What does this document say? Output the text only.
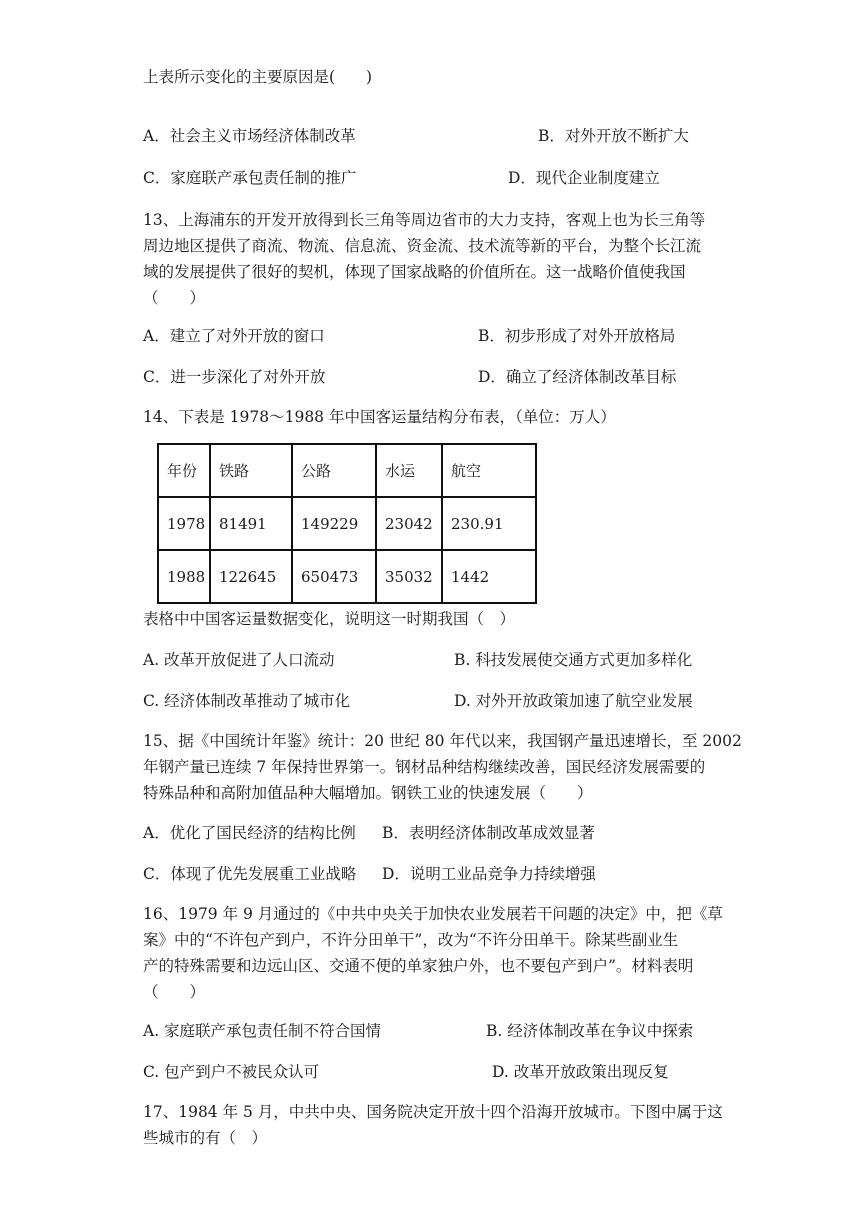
上表所示变化的主要原因是(　　)
A．社会主义市场经济体制改革	B．对外开放不断扩大
C．家庭联产承包责任制的推广	D．现代企业制度建立
13、上海浦东的开发开放得到长三角等周边省市的大力支持，客观上也为长三角等
周边地区提供了商流、物流、信息流、资金流、技术流等新的平台，为整个长江流
域的发展提供了很好的契机，体现了国家战略的价值所在。这一战略价值使我国
（　　）
A．建立了对外开放的窗口	B．初步形成了对外开放格局
C．进一步深化了对外开放	D．确立了经济体制改革目标
14、下表是 1978～1988 年中国客运量结构分布表，（单位：万人）
年份	铁路	公路	水运	航空
1978	81491	149229	23042	230.91
1988	122645	650473	35032	1442
表格中中国客运量数据变化，说明这一时期我国（　）
A. 改革开放促进了人口流动	B. 科技发展使交通方式更加多样化
C. 经济体制改革推动了城市化	D. 对外开放政策加速了航空业发展
15、据《中国统计年鉴》统计：20 世纪 80 年代以来，我国钢产量迅速增长，至 2002
年钢产量已连续 7 年保持世界第一。钢材品种结构继续改善，国民经济发展需要的
特殊品种和高附加值品种大幅增加。钢铁工业的快速发展（　　）
A．优化了国民经济的结构比例 B．表明经济体制改革成效显著
C．体现了优先发展重工业战略 D．说明工业品竞争力持续增强
16、1979 年 9 月通过的《中共中央关于加快农业发展若干问题的决定》中，把《草
案》中的“不许包产到户，不许分田单干”，改为“不许分田单干。除某些副业生
产的特殊需要和边远山区、交通不便的单家独户外，也不要包产到户”。材料表明
（　　）
A. 家庭联产承包责任制不符合国情	B. 经济体制改革在争议中探索
C. 包产到户不被民众认可	D. 改革开放政策出现反复
17、1984 年 5 月，中共中央、国务院决定开放十四个沿海开放城市。下图中属于这
些城市的有（　）
